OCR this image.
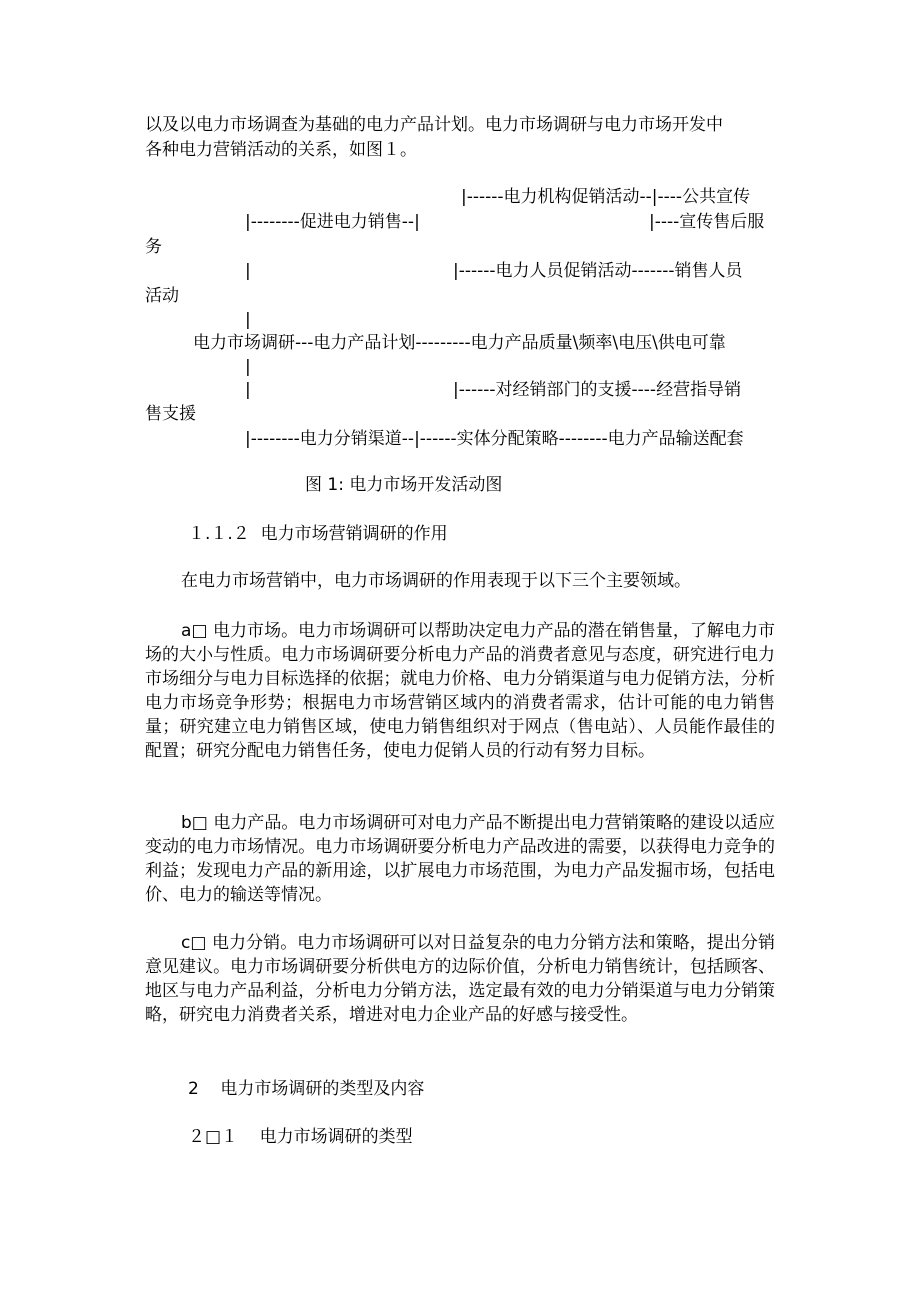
以及以电力市场调查为基础的电力产品计划。电力市场调研与电力市场开发中
各种电力营销活动的关系，如图１。
|------电力机构促销活动--|----公共宣传
|--------促进电力销售--|	|----宣传售后服
务
|	|------电力人员促销活动-------销售人员
活动
|
电力市场调研---电力产品计划---------电力产品质量\频率\电压\供电可靠
|
|	|------对经销部门的支援----经营指导销
售支援
|--------电力分销渠道--|------实体分配策略--------电力产品输送配套
图 1: 电力市场开发活动图
１.１.２  电力市场营销调研的作用
在电力市场营销中，电力市场调研的作用表现于以下三个主要领域。
a□ 电力市场。电力市场调研可以帮助决定电力产品的潜在销售量，了解电力市场的大小与性质。电力市场调研要分析电力产品的消费者意见与态度，研究进行电力市场细分与电力目标选择的依据；就电力价格、电力分销渠道与电力促销方法，分析电力市场竞争形势；根据电力市场营销区域内的消费者需求，估计可能的电力销售量；研究建立电力销售区域，使电力销售组织对于网点（售电站）、人员能作最佳的配置；研究分配电力销售任务，使电力促销人员的行动有努力目标。
b□ 电力产品。电力市场调研可对电力产品不断提出电力营销策略的建设以适应变动的电力市场情况。电力市场调研要分析电力产品改进的需要，以获得电力竞争的利益；发现电力产品的新用途，以扩展电力市场范围，为电力产品发掘市场，包括电价、电力的输送等情况。
c□ 电力分销。电力市场调研可以对日益复杂的电力分销方法和策略，提出分销意见建议。电力市场调研要分析供电方的边际价值，分析电力销售统计，包括顾客、地区与电力产品利益，分析电力分销方法，选定最有效的电力分销渠道与电力分销策略，研究电力消费者关系，增进对电力企业产品的好感与接受性。
2    电力市场调研的类型及内容
２□１    电力市场调研的类型
